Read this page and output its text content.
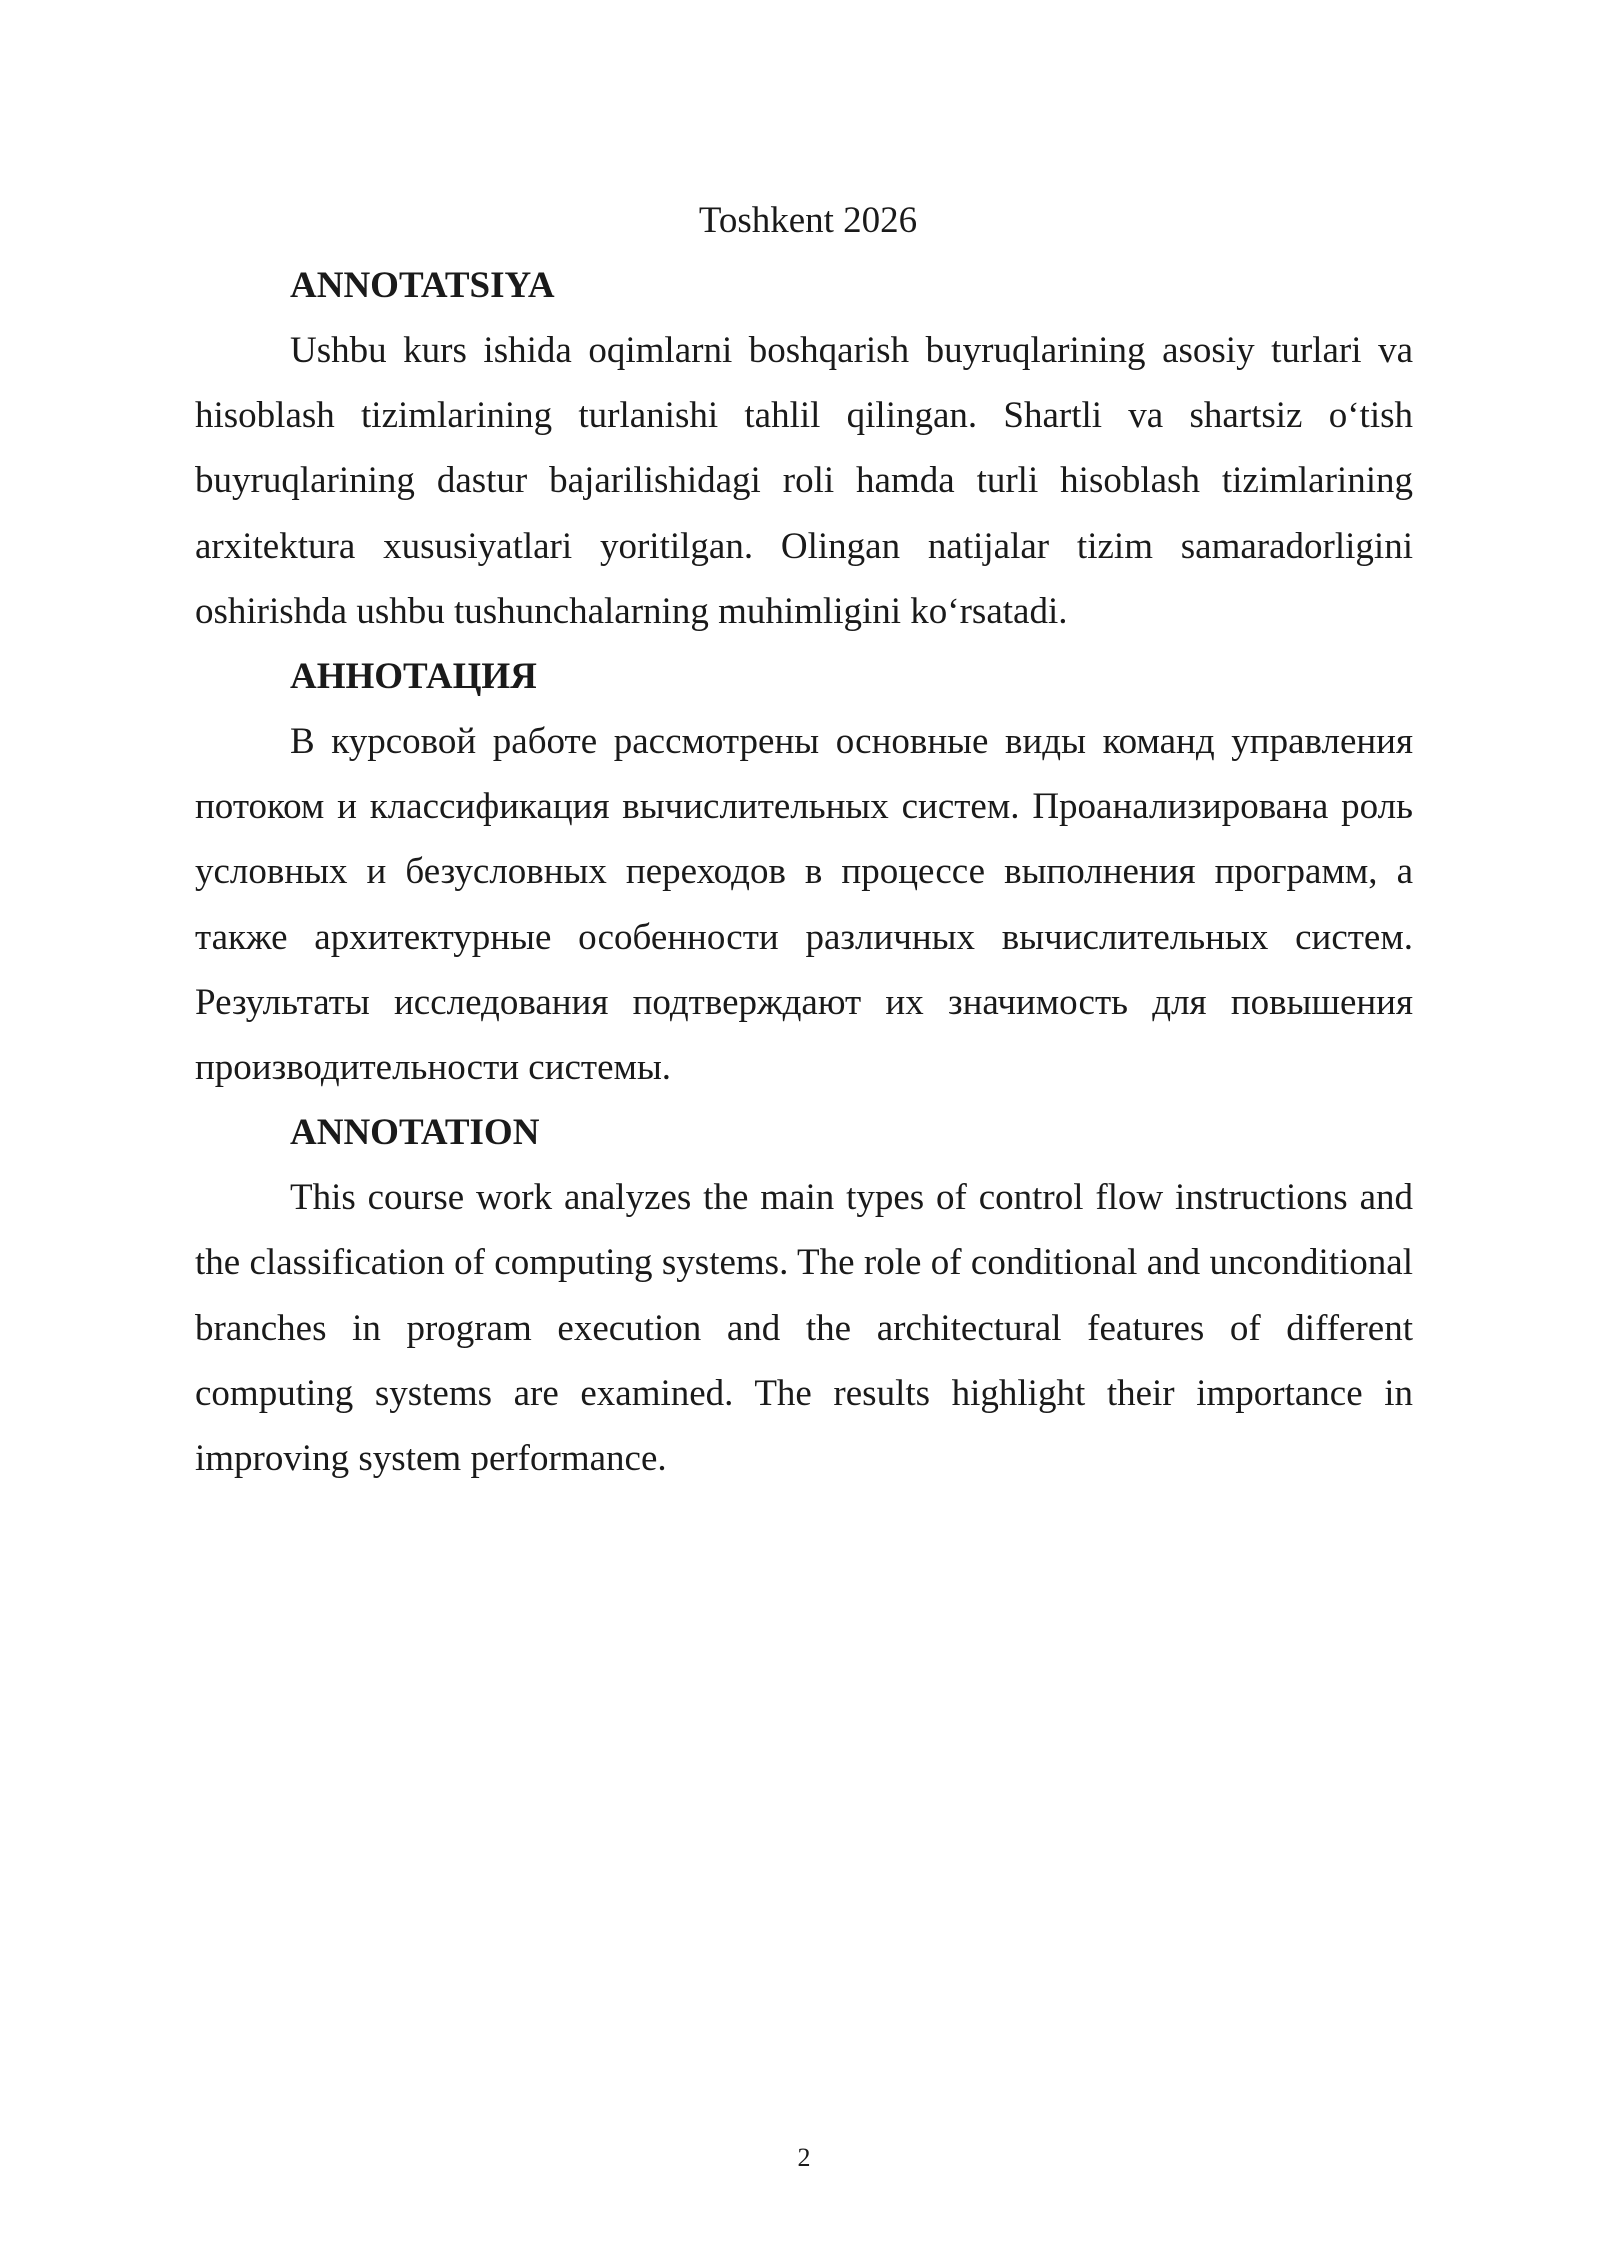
Toshkent 2026
ANNOTATSIYA

Ushbu kurs ishida oqimlarni boshqarish buyruqlarining asosiy turlari va hisoblash tizimlarining turlanishi tahlil qilingan. Shartli va shartsiz o‘tish buyruqlarining dastur bajarilishidagi roli hamda turli hisoblash tizimlarining arxitektura xususiyatlari yoritilgan. Olingan natijalar tizim samaradorligini oshirishda ushbu tushunchalarning muhimligini ko‘rsatadi.

АННОТАЦИЯ

В курсовой работе рассмотрены основные виды команд управления потоком и классификация вычислительных систем. Проанализирована роль условных и безусловных переходов в процессе выполнения программ, а также архитектурные особенности различных вычислительных систем. Результаты исследования подтверждают их значимость для повышения производительности системы.

ANNOTATION

This course work analyzes the main types of control flow instructions and the classification of computing systems. The role of conditional and unconditional branches in program execution and the architectural features of different computing systems are examined. The results highlight their importance in improving system performance.

2
